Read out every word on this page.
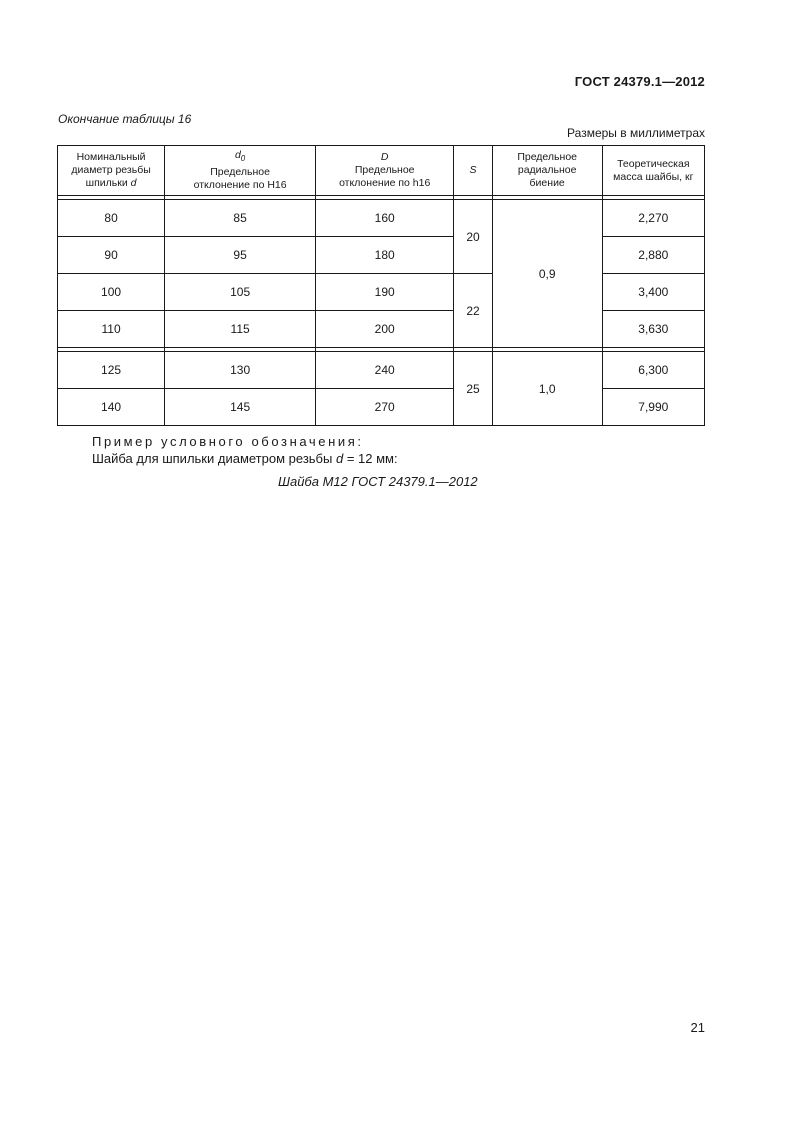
ГОСТ 24379.1—2012
Окончание таблицы 16
Размеры в миллиметрах
Номинальный
диаметр резьбы
шпильки d	$d_0$
Предельное
отклонение по Н16	D
Предельное
отклонение по h16	S	Предельное
радиальное
биение	Теоретическая
масса шайбы, кг

80	85	160	20	0,9	2,270
90	95	180			2,880
100	105	190	22		3,400
110	115	200			3,630

125	130	240	25	1,0	6,300
140	145	270			7,990
Пример условного обозначения:
Шайба для шпильки диаметром резьбы d = 12 мм:
Шайба М12 ГОСТ 24379.1—2012
21
